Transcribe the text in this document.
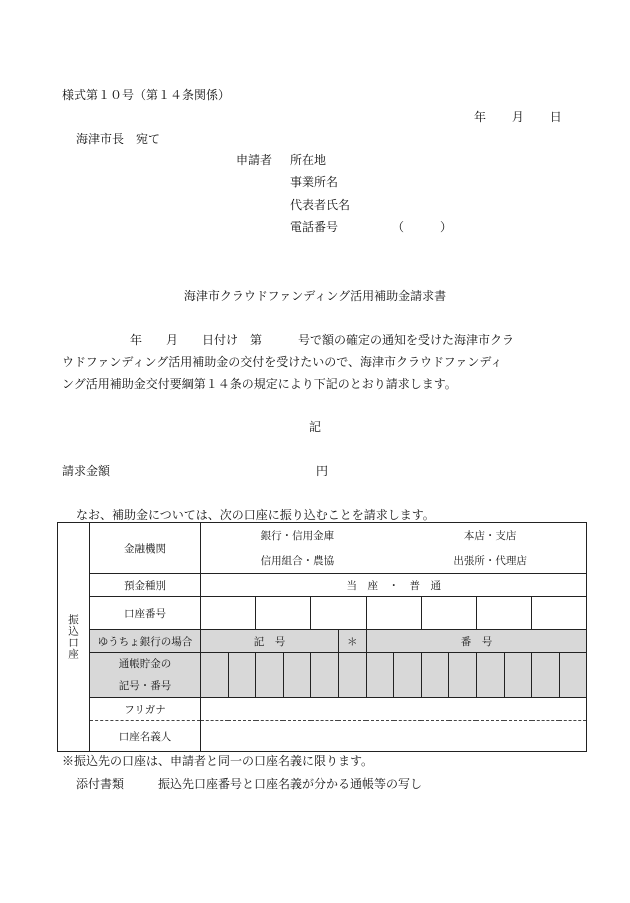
様式第１０号（第１４条関係）
年 月 日
海津市長　宛て
申請者 所在地
事業所名
代表者氏名
電話番号	（　　　）
海津市クラウドファンディング活用補助金請求書
年　　月　　日付け　第　　　号で額の確定の通知を受けた海津市クラ
ウドファンディング活用補助金の交付を受けたいので、海津市クラウドファンディ
ング活用補助金交付要綱第１４条の規定により下記のとおり請求します。
記
請求金額	円
なお、補助金については、次の口座に振り込むことを請求します。
振込口座	金融機関	銀行・信用金庫 本店・支店
信用組合・農協 出張所・代理店													

	預金種別	当　座　・　普　通													
	口座番号														
	ゆうちょ銀行の場合	記　号					＊	番　号							

	通帳貯金の
記号・番号														

	フリガナ														
	口座名義人														
※振込先の口座は、申請者と同一の口座名義に限ります。
添付書類	振込先口座番号と口座名義が分かる通帳等の写し
